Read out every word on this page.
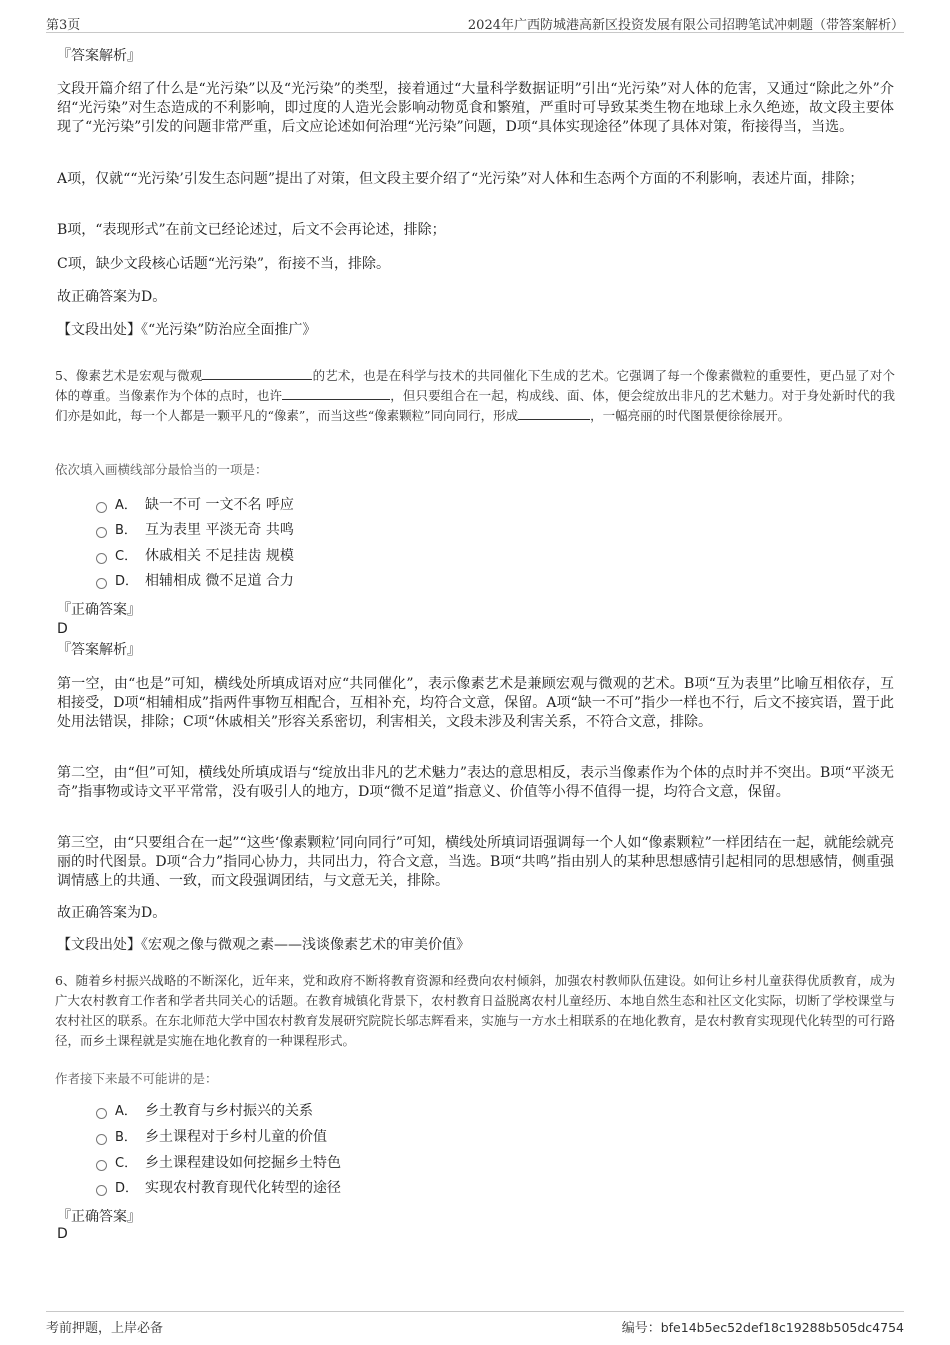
第3页	2024年广西防城港高新区投资发展有限公司招聘笔试冲刺题（带答案解析）
『答案解析』
文段开篇介绍了什么是“光污染”以及“光污染”的类型，接着通过“大量科学数据证明”引出“光污染”对人体的危害，又通过“除此之外”介绍“光污染”对生态造成的不利影响，即过度的人造光会影响动物觅食和繁殖，严重时可导致某类生物在地球上永久绝迹，故文段主要体现了“光污染”引发的问题非常严重，后文应论述如何治理“光污染”问题，D项“具体实现途径”体现了具体对策，衔接得当，当选。
A项，仅就““光污染’引发生态问题”提出了对策，但文段主要介绍了“光污染”对人体和生态两个方面的不利影响，表述片面，排除；
B项，“表现形式”在前文已经论述过，后文不会再论述，排除；
C项，缺少文段核心话题“光污染”，衔接不当，排除。
故正确答案为D。
【文段出处】《“光污染”防治应全面推广》
5、像素艺术是宏观与微观	的艺术，也是在科学与技术的共同催化下生成的艺术。它强调了每一个像素微粒的重要性，更凸显了对个体的尊重。当像素作为个体的点时，也许	，但只要组合在一起，构成线、面、体，便会绽放出非凡的艺术魅力。对于身处新时代的我们亦是如此，每一个人都是一颗平凡的“像素”，而当这些“像素颗粒”同向同行，形成	，一幅亮丽的时代图景便徐徐展开。
依次填入画横线部分最恰当的一项是：
A． 缺一不可 一文不名 呼应
B． 互为表里 平淡无奇 共鸣
C． 休戚相关 不足挂齿 规模
D． 相辅相成 微不足道 合力
『正确答案』
D
『答案解析』
第一空，由“也是”可知，横线处所填成语对应“共同催化”，表示像素艺术是兼顾宏观与微观的艺术。B项“互为表里”比喻互相依存，互相接受，D项“相辅相成”指两件事物互相配合，互相补充，均符合文意，保留。A项“缺一不可”指少一样也不行，后文不接宾语，置于此处用法错误，排除；C项“休戚相关”形容关系密切，利害相关，文段未涉及利害关系，不符合文意，排除。
第二空，由“但”可知，横线处所填成语与“绽放出非凡的艺术魅力”表达的意思相反，表示当像素作为个体的点时并不突出。B项“平淡无奇”指事物或诗文平平常常，没有吸引人的地方，D项“微不足道”指意义、价值等小得不值得一提，均符合文意，保留。
第三空，由“只要组合在一起”“这些‘像素颗粒’同向同行”可知，横线处所填词语强调每一个人如“像素颗粒”一样团结在一起，就能绘就亮丽的时代图景。D项“合力”指同心协力，共同出力，符合文意，当选。B项“共鸣”指由别人的某种思想感情引起相同的思想感情，侧重强调情感上的共通、一致，而文段强调团结，与文意无关，排除。
故正确答案为D。
【文段出处】《宏观之像与微观之素——浅谈像素艺术的审美价值》
6、随着乡村振兴战略的不断深化，近年来，党和政府不断将教育资源和经费向农村倾斜，加强农村教师队伍建设。如何让乡村儿童获得优质教育，成为广大农村教育工作者和学者共同关心的话题。在教育城镇化背景下，农村教育日益脱离农村儿童经历、本地自然生态和社区文化实际，切断了学校课堂与农村社区的联系。在东北师范大学中国农村教育发展研究院院长邬志辉看来，实施与一方水土相联系的在地化教育，是农村教育实现现代化转型的可行路径，而乡土课程就是实施在地化教育的一种课程形式。
作者接下来最不可能讲的是：
A． 乡土教育与乡村振兴的关系
B． 乡土课程对于乡村儿童的价值
C． 乡土课程建设如何挖掘乡土特色
D． 实现农村教育现代化转型的途径
『正确答案』
D
考前押题，上岸必备	编号：bfe14b5ec52def18c19288b505dc4754
